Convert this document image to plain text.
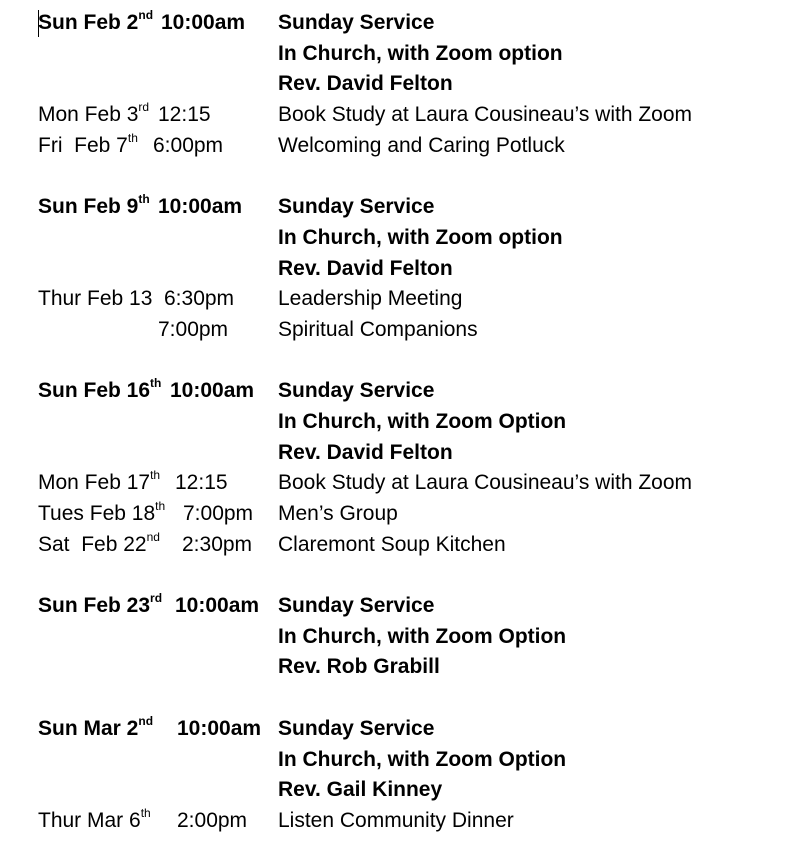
Sun Feb 2nd 10:00am Sunday Service
In Church, with Zoom option
Rev. David Felton
Mon Feb 3rd 12:15	Book Study at Laura Cousineau’s with Zoom
Fri  Feb 7th 6:00pm	Welcoming and Caring Potluck
Sun Feb 9th 10:00am Sunday Service
In Church, with Zoom option
Rev. David Felton
Thur Feb 13 6:30pm Leadership Meeting
7:00pm Spiritual Companions
Sun Feb 16th 10:00am Sunday Service
In Church, with Zoom Option
Rev. David Felton
Mon Feb 17th 12:15 Book Study at Laura Cousineau’s with Zoom
Tues Feb 18th 7:00pm Men’s Group
Sat  Feb 22nd 2:30pm Claremont Soup Kitchen
Sun Feb 23rd 10:00am Sunday Service
In Church, with Zoom Option
Rev. Rob Grabill
Sun Mar 2nd 10:00am Sunday Service
In Church, with Zoom Option
Rev. Gail Kinney
Thur Mar 6th 2:00pm Listen Community Dinner
